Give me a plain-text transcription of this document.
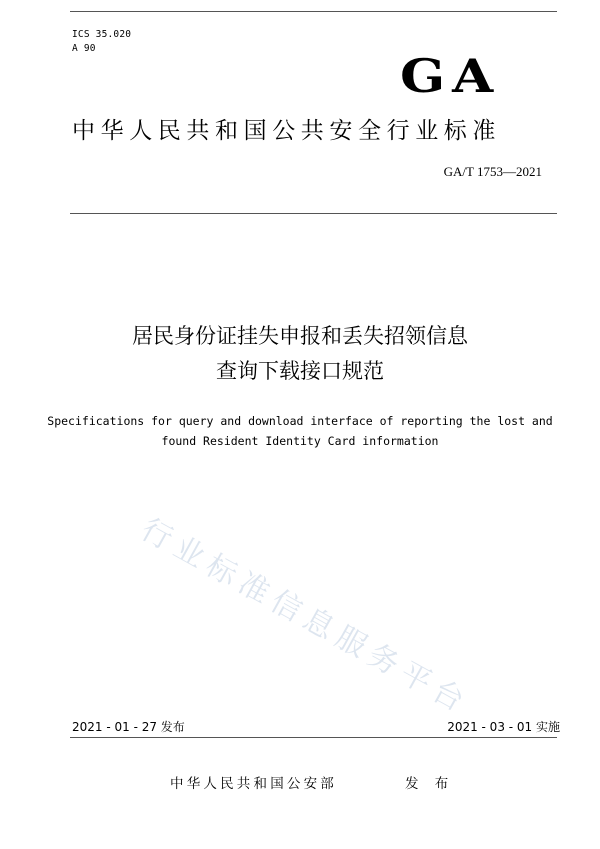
ICS 35.020
A 90
GA
中华人民共和国公共安全行业标准
GA/T 1753—2021
居民身份证挂失申报和丢失招领信息
查询下载接口规范
Specifications for query and download interface of reporting the lost and
found Resident Identity Card information
行业标准信息服务平台
2021 - 01 - 27 发布	2021 - 03 - 01 实施
中华人民共和国公安部	发 布
